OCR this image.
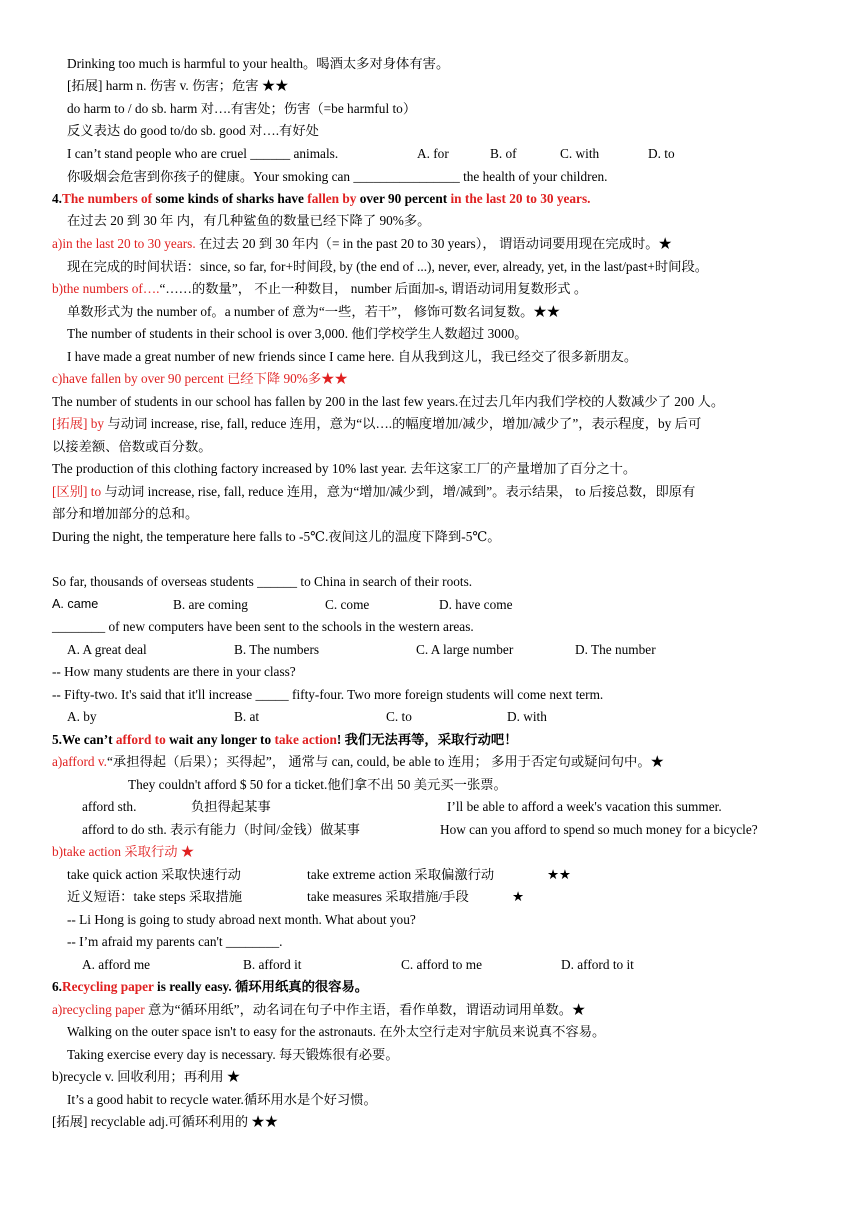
Drinking too much is harmful to your health。喝酒太多对身体有害。
[拓展] harm n. 伤害 v. 伤害；危害 ★★
do harm to / do sb. harm 对….有害处；伤害（=be harmful to）
反义表达 do good to/do sb. good 对….有好处
I can’t stand people who are cruel ______ animals.	A. for	B. of	C. with	D. to
你吸烟会危害到你孩子的健康。Your smoking can ________________ the health of your children.
4.The numbers of some kinds of sharks have fallen by over 90 percent in the last 20 to 30 years.
在过去 20 到 30 年 内，有几种鲨鱼的数量已经下降了 90%多。
a)in the last 20 to 30 years. 在过去 20 到 30 年内（= in the past 20 to 30 years）， 谓语动词要用现在完成时。★
现在完成的时间状语：since, so far, for+时间段, by (the end of ...), never, ever, already, yet, in the last/past+时间段。
b)the numbers of….“……的数量”， 不止一种数目， number 后面加-s, 谓语动词用复数形式 。
单数形式为 the number of。a number of 意为“一些，若干”， 修饰可数名词复数。★★
The number of students in their school is over 3,000. 他们学校学生人数超过 3000。
I have made a great number of new friends since I came here. 自从我到这儿，我已经交了很多新朋友。
c)have fallen by over 90 percent 已经下降 90%多★★
The number of students in our school has fallen by 200 in the last few years.在过去几年内我们学校的人数减少了 200 人。
[拓展] by 与动词 increase, rise, fall, reduce 连用，意为“以….的幅度增加/减少，增加/减少了”，表示程度，by 后可
以接差额、倍数或百分数。
The production of this clothing factory increased by 10% last year. 去年这家工厂的产量增加了百分之十。
[区别] to 与动词 increase, rise, fall, reduce 连用，意为“增加/减少到，增/减到”。表示结果， to 后接总数，即原有
部分和增加部分的总和。
During the night, the temperature here falls to -5℃.夜间这儿的温度下降到-5℃。
So far, thousands of overseas students ______ to China in search of their roots.
A. came	B. are coming	C. come	D. have come
________ of new computers have been sent to the schools in the western areas.
A. A great deal	B. The numbers	C. A large number	D. The number
-- How many students are there in your class?
-- Fifty-two. It's said that it'll increase _____ fifty-four. Two more foreign students will come next term.
A. by	B. at	C. to	D. with
5.We can’t afford to wait any longer to take action! 我们无法再等，采取行动吧！
a)afford v.“承担得起（后果）；买得起”， 通常与 can, could, be able to 连用； 多用于否定句或疑问句中。★
They couldn't afford $ 50 for a ticket.他们拿不出 50 美元买一张票。
afford sth.	负担得起某事	I’ll be able to afford a week's vacation this summer.
afford to do sth. 表示有能力（时间/金钱）做某事	How can you afford to spend so much money for a bicycle?
b)take action 采取行动 ★
take quick action 采取快速行动	take extreme action 采取偏激行动	★★
近义短语：take steps 采取措施	take measures 采取措施/手段	★
-- Li Hong is going to study abroad next month. What about you?
-- I’m afraid my parents can't ________.
A. afford me	B. afford it	C. afford to me	D. afford to it
6.Recycling paper is really easy. 循环用纸真的很容易。
a)recycling paper 意为“循环用纸”，动名词在句子中作主语，看作单数，谓语动词用单数。★
Walking on the outer space isn't to easy for the astronauts. 在外太空行走对宇航员来说真不容易。
Taking exercise every day is necessary. 每天锻炼很有必要。
b)recycle v. 回收利用；再利用 ★
It’s a good habit to recycle water.循环用水是个好习惯。
[拓展] recyclable adj.可循环利用的 ★★
